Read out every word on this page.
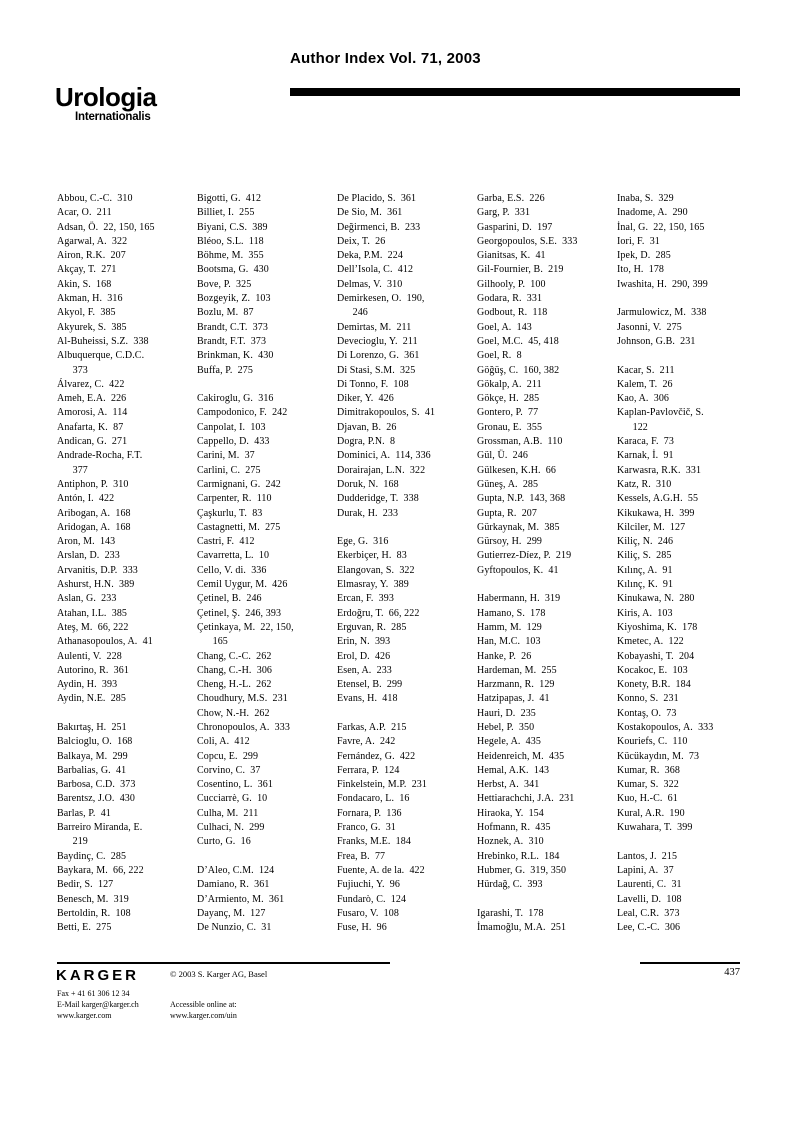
Author Index Vol. 71, 2003
Urologia
Internationalis
Abbou, C.-C.  310
Acar, O.  211
Adsan, Ö.  22, 150, 165
Agarwal, A.  322
Airon, R.K.  207
Akçay, T.  271
Akin, S.  168
Akman, H.  316
Akyol, F.  385
Akyurek, S.  385
Al-Buheissi, S.Z.  338
Albuquerque, C.D.C.
373
Álvarez, C.  422
Ameh, E.A.  226
Amorosi, A.  114
Anafarta, K.  87
Andican, G.  271
Andrade-Rocha, F.T.
377
Antiphon, P.  310
Antón, I.  422
Aribogan, A.  168
Aridogan, A.  168
Aron, M.  143
Arslan, D.  233
Arvanitis, D.P.  333
Ashurst, H.N.  389
Aslan, G.  233
Atahan, I.L.  385
Ateş, M.  66, 222
Athanasopoulos, A.  41
Aulenti, V.  228
Autorino, R.  361
Aydin, H.  393
Aydin, N.E.  285
Bakırtaş, H.  251
Balcioglu, O.  168
Balkaya, M.  299
Barbalias, G.  41
Barbosa, C.D.  373
Barentsz, J.O.  430
Barlas, P.  41
Barreiro Miranda, E.
219
Baydinç, C.  285
Baykara, M.  66, 222
Bedir, S.  127
Benesch, M.  319
Bertoldin, R.  108
Betti, E.  275
Bigotti, G.  412
Billiet, I.  255
Biyani, C.S.  389
Bléoo, S.L.  118
Böhme, M.  355
Bootsma, G.  430
Bove, P.  325
Bozgeyik, Z.  103
Bozlu, M.  87
Brandt, C.T.  373
Brandt, F.T.  373
Brinkman, K.  430
Buffa, P.  275
Cakiroglu, G.  316
Campodonico, F.  242
Canpolat, I.  103
Cappello, D.  433
Carini, M.  37
Carlini, C.  275
Carmignani, G.  242
Carpenter, R.  110
Çaşkurlu, T.  83
Castagnetti, M.  275
Castri, F.  412
Cavarretta, L.  10
Cello, V. di.  336
Cemil Uygur, M.  426
Çetinel, B.  246
Çetinel, Ş.  246, 393
Çetinkaya, M.  22, 150,
165
Chang, C.-C.  262
Chang, C.-H.  306
Cheng, H.-L.  262
Choudhury, M.S.  231
Chow, N.-H.  262
Chronopoulos, A.  333
Coli, A.  412
Copcu, E.  299
Corvino, C.  37
Cosentino, L.  361
Cucciarrè, G.  10
Culha, M.  211
Culhaci, N.  299
Curto, G.  16
D’Aleo, C.M.  124
Damiano, R.  361
D’Armiento, M.  361
Dayanç, M.  127
De Nunzio, C.  31
De Placido, S.  361
De Sio, M.  361
Değirmenci, B.  233
Deix, T.  26
Deka, P.M.  224
Dell’Isola, C.  412
Delmas, V.  310
Demirkesen, O.  190,
246
Demirtas, M.  211
Devecioglu, Y.  211
Di Lorenzo, G.  361
Di Stasi, S.M.  325
Di Tonno, F.  108
Diker, Y.  426
Dimitrakopoulos, S.  41
Djavan, B.  26
Dogra, P.N.  8
Dominici, A.  114, 336
Dorairajan, L.N.  322
Doruk, N.  168
Dudderidge, T.  338
Durak, H.  233
Ege, G.  316
Ekerbiçer, H.  83
Elangovan, S.  322
Elmasray, Y.  389
Ercan, F.  393
Erdoğru, T.  66, 222
Erguvan, R.  285
Erin, N.  393
Erol, D.  426
Esen, A.  233
Etensel, B.  299
Evans, H.  418
Farkas, A.P.  215
Favre, A.  242
Fernández, G.  422
Ferrara, P.  124
Finkelstein, M.P.  231
Fondacaro, L.  16
Fornara, P.  136
Franco, G.  31
Franks, M.E.  184
Frea, B.  77
Fuente, A. de la.  422
Fujiuchi, Y.  96
Fundarò, C.  124
Fusaro, V.  108
Fuse, H.  96
Garba, E.S.  226
Garg, P.  331
Gasparini, D.  197
Georgopoulos, S.E.  333
Gianitsas, K.  41
Gil-Fournier, B.  219
Gilhooly, P.  100
Godara, R.  331
Godbout, R.  118
Goel, A.  143
Goel, M.C.  45, 418
Goel, R.  8
Göğüş, C.  160, 382
Gökalp, A.  211
Gökçe, H.  285
Gontero, P.  77
Gronau, E.  355
Grossman, A.B.  110
Gül, Ü.  246
Gülkesen, K.H.  66
Güneş, A.  285
Gupta, N.P.  143, 368
Gupta, R.  207
Gürkaynak, M.  385
Gürsoy, H.  299
Gutierrez-Díez, P.  219
Gyftopoulos, K.  41
Habermann, H.  319
Hamano, S.  178
Hamm, M.  129
Han, M.C.  103
Hanke, P.  26
Hardeman, M.  255
Harzmann, R.  129
Hatzipapas, J.  41
Hauri, D.  235
Hebel, P.  350
Hegele, A.  435
Heidenreich, M.  435
Hemal, A.K.  143
Herbst, A.  341
Hettiarachchi, J.A.  231
Hiraoka, Y.  154
Hofmann, R.  435
Hoznek, A.  310
Hrebinko, R.L.  184
Hubmer, G.  319, 350
Hürdağ, C.  393
Igarashi, T.  178
İmamoğlu, M.A.  251
Inaba, S.  329
Inadome, A.  290
İnal, G.  22, 150, 165
Iori, F.  31
Ipek, D.  285
Ito, H.  178
Iwashita, H.  290, 399
Jarmulowicz, M.  338
Jasonni, V.  275
Johnson, G.B.  231
Kacar, S.  211
Kalem, T.  26
Kao, A.  306
Kaplan-Pavlovčič, S.
122
Karaca, F.  73
Karnak, İ.  91
Karwasra, R.K.  331
Katz, R.  310
Kessels, A.G.H.  55
Kikukawa, H.  399
Kilciler, M.  127
Kiliç, N.  246
Kiliç, S.  285
Kılınç, A.  91
Kılınç, K.  91
Kinukawa, N.  280
Kiris, A.  103
Kiyoshima, K.  178
Kmetec, A.  122
Kobayashi, T.  204
Kocakoc, E.  103
Konety, B.R.  184
Konno, S.  231
Kontaş, O.  73
Kostakopoulos, A.  333
Kouriefs, C.  110
Kücükaydın, M.  73
Kumar, R.  368
Kumar, S.  322
Kuo, H.-C.  61
Kural, A.R.  190
Kuwahara, T.  399
Lantos, J.  215
Lapini, A.  37
Laurenti, C.  31
Lavelli, D.  108
Leal, C.R.  373
Lee, C.-C.  306
KARGER	© 2003 S. Karger AG, Basel
Fax + 41 61 306 12 34
E-Mail karger@karger.ch
www.karger.com
Accessible online at:
www.karger.com/uin
437
